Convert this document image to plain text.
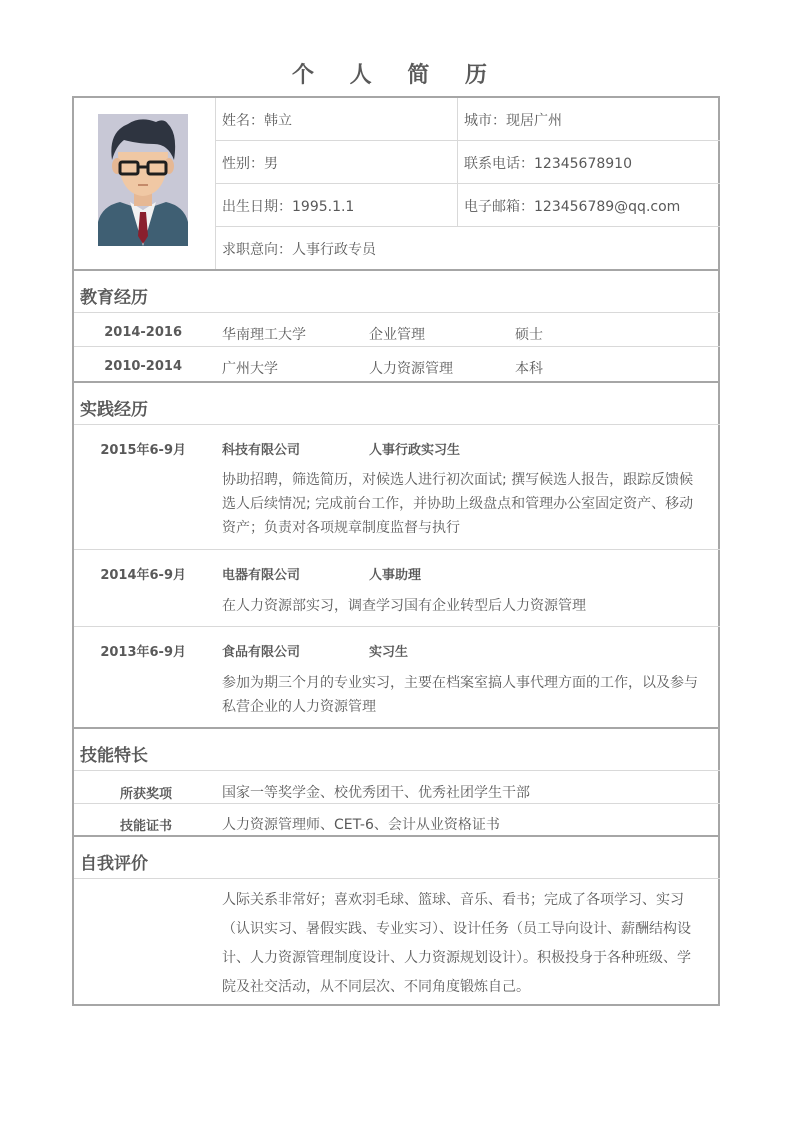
个 人 简 历
姓名：韩立	城市：现居广州
性别：男	联系电话：12345678910
出生日期：1995.1.1	电子邮箱：123456789@qq.com
求职意向：人事行政专员
教育经历
2014-2016	华南理工大学	企业管理	硕士
2010-2014	广州大学	人力资源管理	本科
实践经历
2015年6-9月	科技有限公司	人事行政实习生
协助招聘，筛选简历，对候选人进行初次面试; 撰写候选人报告，跟踪反馈候
选人后续情况; 完成前台工作，并协助上级盘点和管理办公室固定资产、移动
资产；负责对各项规章制度监督与执行
2014年6-9月	电器有限公司	人事助理
在人力资源部实习，调查学习国有企业转型后人力资源管理
2013年6-9月	食品有限公司	实习生
参加为期三个月的专业实习，主要在档案室搞人事代理方面的工作，以及参与
私营企业的人力资源管理
技能特长
所获奖项	国家一等奖学金、校优秀团干、优秀社团学生干部
技能证书	人力资源管理师、CET-6、会计从业资格证书
自我评价
人际关系非常好；喜欢羽毛球、篮球、音乐、看书；完成了各项学习、实习
（认识实习、暑假实践、专业实习）、设计任务（员工导向设计、薪酬结构设
计、人力资源管理制度设计、人力资源规划设计）。积极投身于各种班级、学
院及社交活动，从不同层次、不同角度锻炼自己。
